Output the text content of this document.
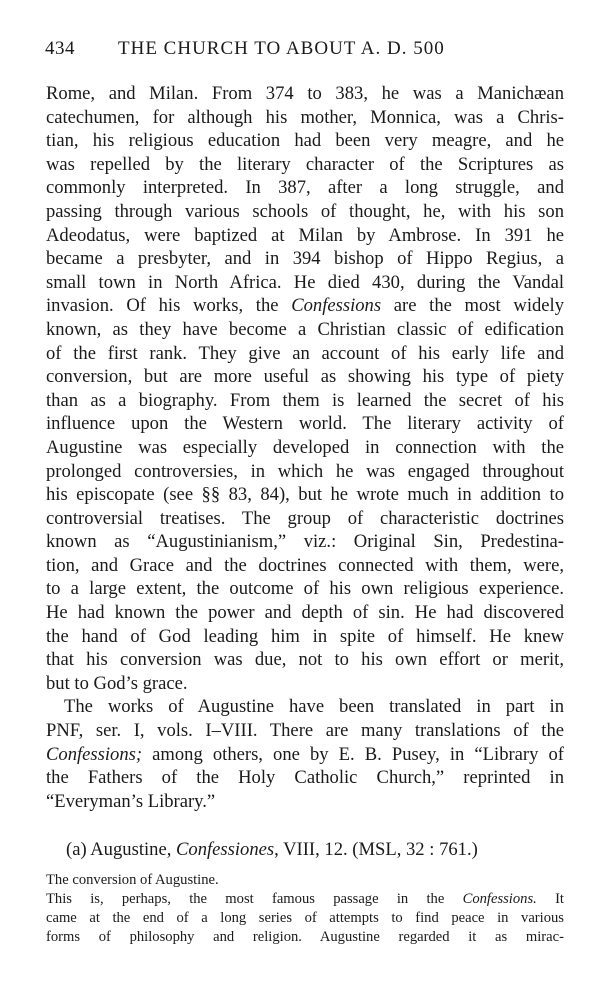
434 THE CHURCH TO ABOUT A. D. 500
Rome, and Milan. From 374 to 383, he was a Manichæan
catechumen, for although his mother, Monnica, was a Chris-
tian, his religious education had been very meagre, and he
was repelled by the literary character of the Scriptures as
commonly interpreted. In 387, after a long struggle, and
passing through various schools of thought, he, with his son
Adeodatus, were baptized at Milan by Ambrose. In 391 he
became a presbyter, and in 394 bishop of Hippo Regius, a
small town in North Africa. He died 430, during the Vandal
invasion. Of his works, the Confessions are the most widely
known, as they have become a Christian classic of edification
of the first rank. They give an account of his early life and
conversion, but are more useful as showing his type of piety
than as a biography. From them is learned the secret of his
influence upon the Western world. The literary activity of
Augustine was especially developed in connection with the
prolonged controversies, in which he was engaged throughout
his episcopate (see §§ 83, 84), but he wrote much in addition to
controversial treatises. The group of characteristic doctrines
known as “Augustinianism,” viz.: Original Sin, Predestina-
tion, and Grace and the doctrines connected with them, were,
to a large extent, the outcome of his own religious experience.
He had known the power and depth of sin. He had discovered
the hand of God leading him in spite of himself. He knew
that his conversion was due, not to his own effort or merit,
but to God’s grace.
The works of Augustine have been translated in part in
PNF, ser. I, vols. I–VIII. There are many translations of the
Confessions; among others, one by E. B. Pusey, in “Library of
the Fathers of the Holy Catholic Church,” reprinted in
“Everyman’s Library.”
(a) Augustine, Confessiones, VIII, 12. (MSL, 32 : 761.)
The conversion of Augustine.
This is, perhaps, the most famous passage in the Confessions. It
came at the end of a long series of attempts to find peace in various
forms of philosophy and religion. Augustine regarded it as mirac-
